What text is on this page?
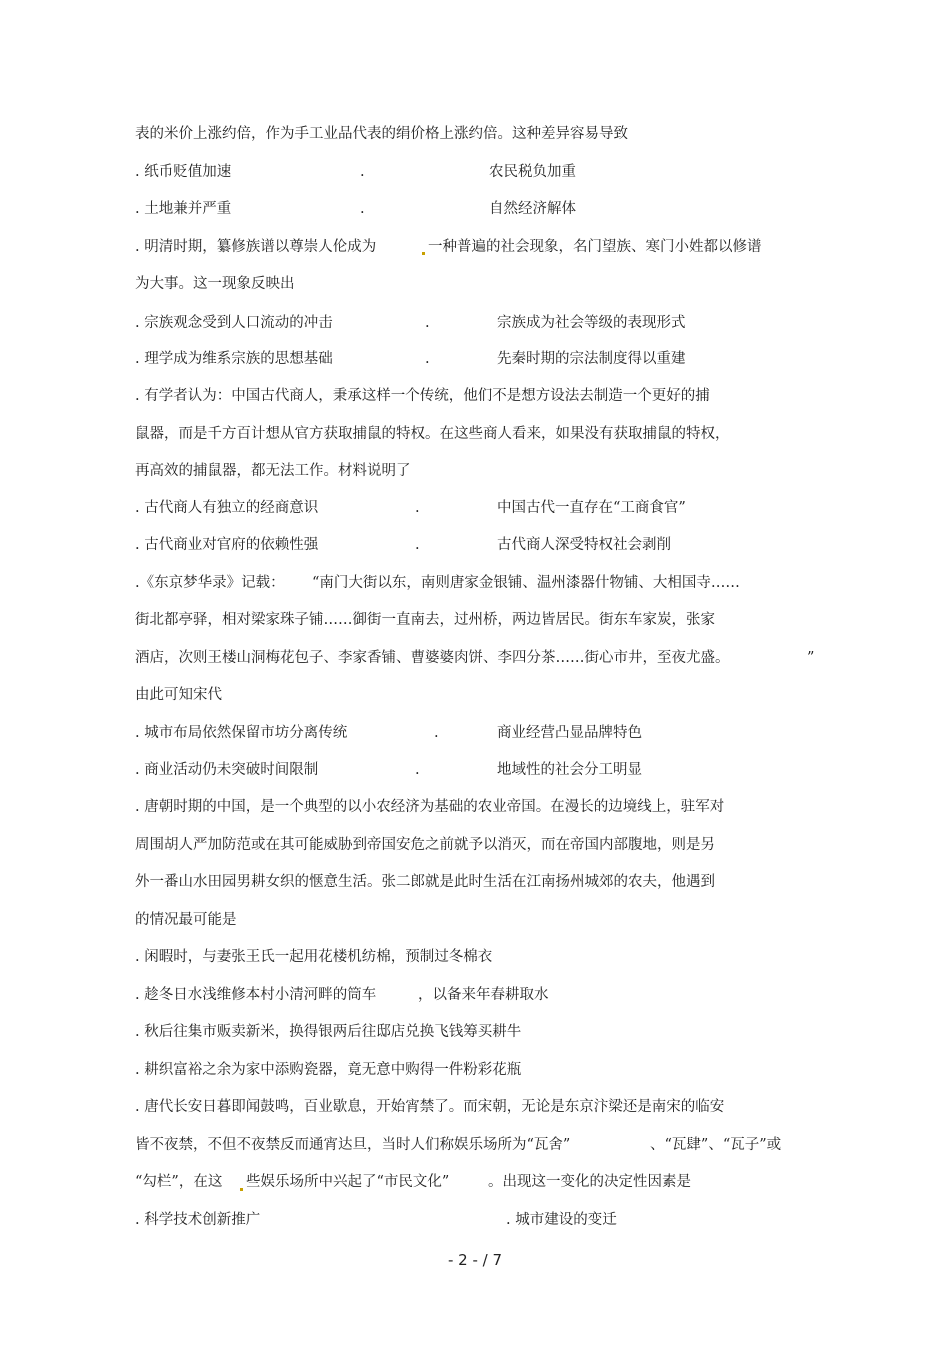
表的米价上涨约倍，作为手工业品代表的绢价格上涨约倍。这种差异容易导致
. 纸币贬值加速	.	农民税负加重
. 土地兼并严重	.	自然经济解体
. 明清时期，纂修族谱以尊崇人伦成为	一种普遍的社会现象，名门望族、寒门小姓都以修谱
为大事。这一现象反映出
. 宗族观念受到人口流动的冲击	.	宗族成为社会等级的表现形式
. 理学成为维系宗族的思想基础	.	先秦时期的宗法制度得以重建
. 有学者认为：中国古代商人，秉承这样一个传统，他们不是想方设法去制造一个更好的捕
鼠器，而是千方百计想从官方获取捕鼠的特权。在这些商人看来，如果没有获取捕鼠的特权，
再高效的捕鼠器，都无法工作。材料说明了
. 古代商人有独立的经商意识	.	中国古代一直存在“工商食官”
. 古代商业对官府的依赖性强	.	古代商人深受特权社会剥削
.《东京梦华录》记载： “南门大街以东，南则唐家金银铺、温州漆器什物铺、大相国寺……
街北都亭驿，相对梁家珠子铺……御街一直南去，过州桥，两边皆居民。街东车家炭，张家
酒店，次则王楼山洞梅花包子、李家香铺、曹婆婆肉饼、李四分茶……街心市井，至夜尤盛。	”
由此可知宋代
. 城市布局依然保留市坊分离传统	.	商业经营凸显品牌特色
. 商业活动仍未突破时间限制	.	地域性的社会分工明显
. 唐朝时期的中国，是一个典型的以小农经济为基础的农业帝国。在漫长的边境线上，驻军对
周围胡人严加防范或在其可能威胁到帝国安危之前就予以消灭，而在帝国内部腹地，则是另
外一番山水田园男耕女织的惬意生活。张二郎就是此时生活在江南扬州城郊的农夫，他遇到
的情况最可能是
. 闲暇时，与妻张王氏一起用花楼机纺棉，预制过冬棉衣
. 趁冬日水浅维修本村小清河畔的筒车	，以备来年春耕取水
. 秋后往集市贩卖新米，换得银两后往邸店兑换飞钱筹买耕牛
. 耕织富裕之余为家中添购瓷器，竟无意中购得一件粉彩花瓶
. 唐代长安日暮即闻鼓鸣，百业歇息，开始宵禁了。而宋朝，无论是东京汴梁还是南宋的临安
皆不夜禁，不但不夜禁反而通宵达旦，当时人们称娱乐场所为“瓦舍”	、“瓦肆”、“瓦子”或
“勾栏”，在这 些娱乐场所中兴起了“市民文化”	。出现这一变化的决定性因素是
. 科学技术创新推广	. 城市建设的变迁
- 2 - / 7
